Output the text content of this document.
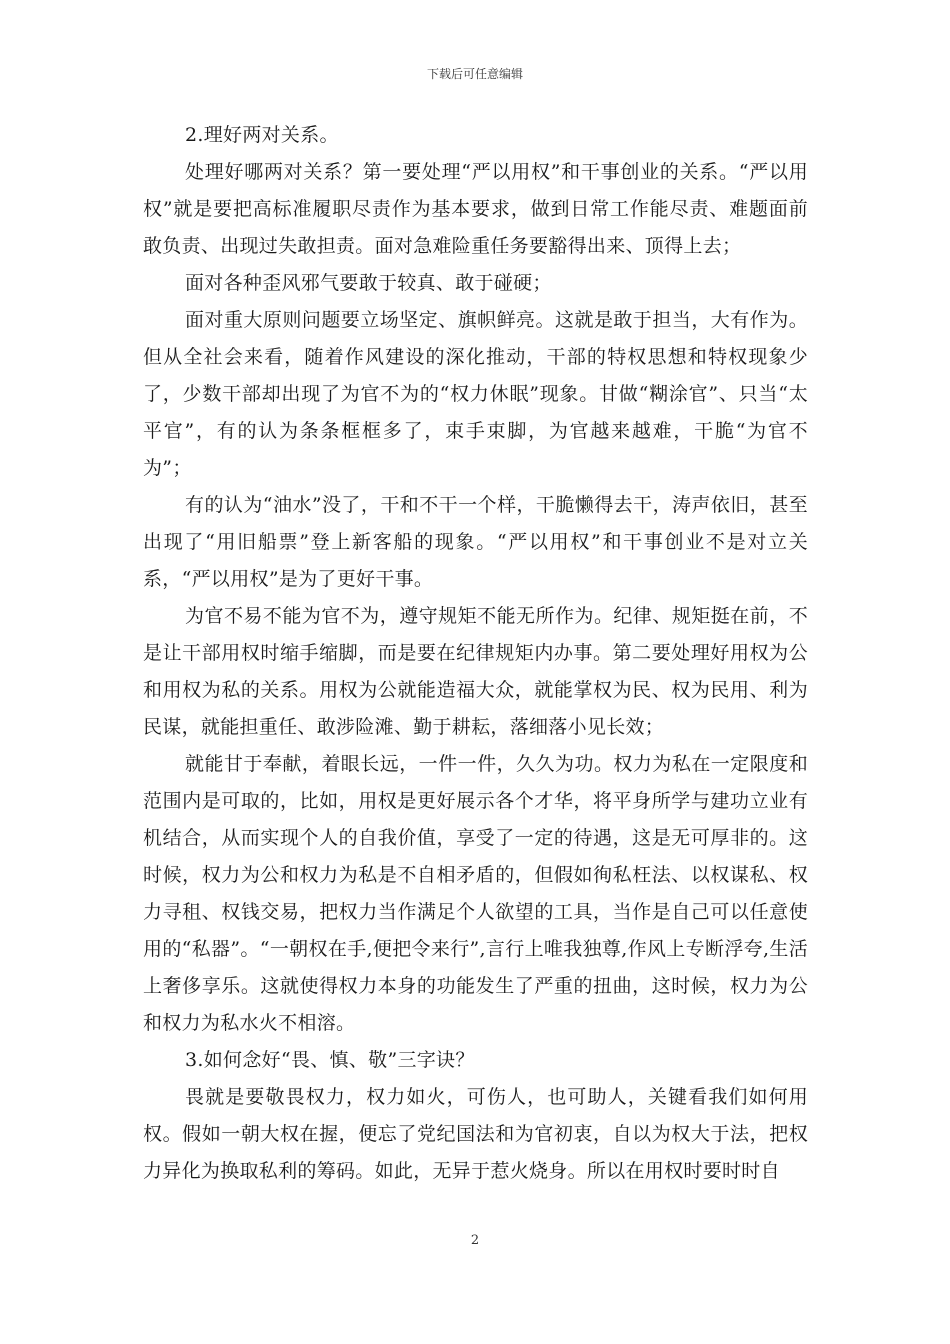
下载后可任意编辑

2.理好两对关系。

处理好哪两对关系？第一要处理“严以用权”和干事创业的关系。“严以用权”就是要把高标准履职尽责作为基本要求，做到日常工作能尽责、难题面前敢负责、出现过失敢担责。面对急难险重任务要豁得出来、顶得上去；

面对各种歪风邪气要敢于较真、敢于碰硬；

面对重大原则问题要立场坚定、旗帜鲜亮。这就是敢于担当，大有作为。但从全社会来看，随着作风建设的深化推动，干部的特权思想和特权现象少了，少数干部却出现了为官不为的“权力休眠”现象。甘做“糊涂官”、只当“太平官”，有的认为条条框框多了，束手束脚，为官越来越难，干脆“为官不为”；

有的认为“油水”没了，干和不干一个样，干脆懒得去干，涛声依旧，甚至出现了“用旧船票”登上新客船的现象。“严以用权”和干事创业不是对立关系，“严以用权”是为了更好干事。

为官不易不能为官不为，遵守规矩不能无所作为。纪律、规矩挺在前，不是让干部用权时缩手缩脚，而是要在纪律规矩内办事。第二要处理好用权为公和用权为私的关系。用权为公就能造福大众，就能掌权为民、权为民用、利为民谋，就能担重任、敢涉险滩、勤于耕耘，落细落小见长效；

就能甘于奉献，着眼长远，一件一件，久久为功。权力为私在一定限度和范围内是可取的，比如，用权是更好展示各个才华，将平身所学与建功立业有机结合，从而实现个人的自我价值，享受了一定的待遇，这是无可厚非的。这时候，权力为公和权力为私是不自相矛盾的，但假如徇私枉法、以权谋私、权力寻租、权钱交易，把权力当作满足个人欲望的工具，当作是自己可以任意使用的“私器”。“一朝权在手,便把令来行”,言行上唯我独尊,作风上专断浮夸,生活上奢侈享乐。这就使得权力本身的功能发生了严重的扭曲，这时候，权力为公和权力为私水火不相溶。

3.如何念好“畏、慎、敬”三字诀？

畏就是要敬畏权力，权力如火，可伤人，也可助人，关键看我们如何用权。假如一朝大权在握，便忘了党纪国法和为官初衷，自以为权大于法，把权力异化为换取私利的筹码。如此，无异于惹火烧身。所以在用权时要时时自

2
